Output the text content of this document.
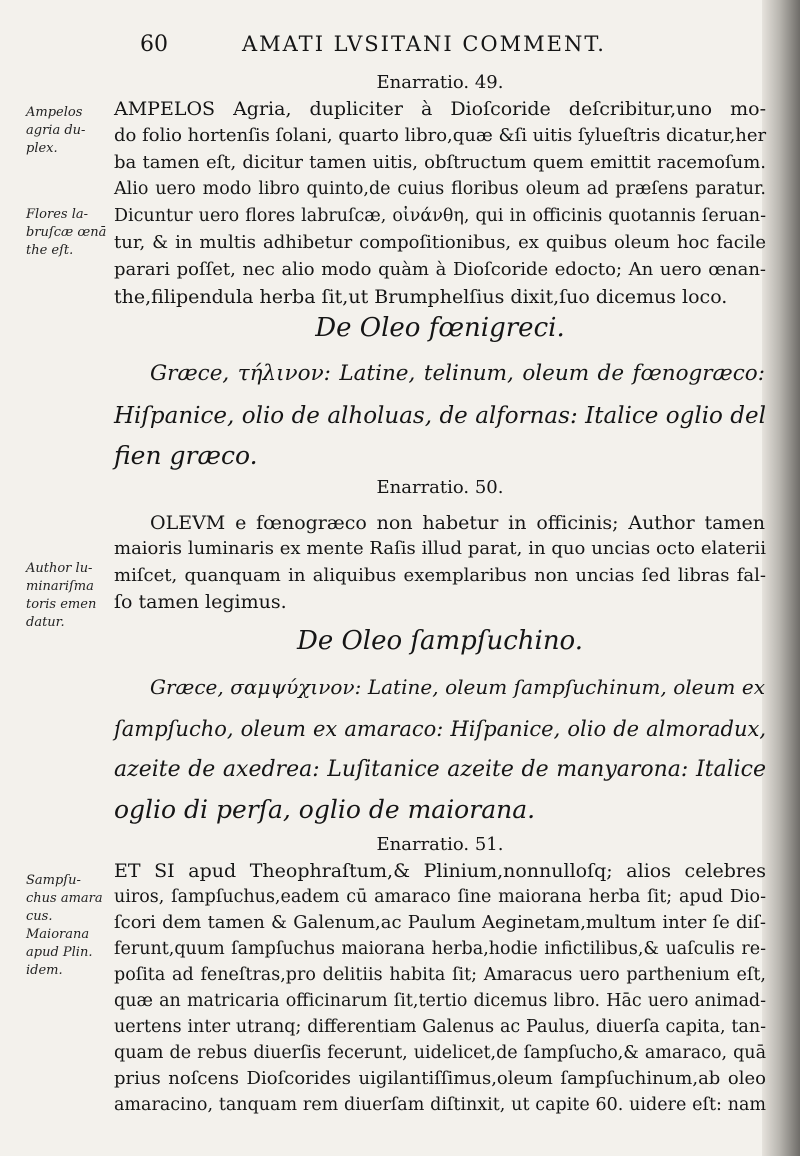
60	AMATI LVSITANI COMMENT.
Ampelos
agria du-
plex.
Flores la-
bruſcæ œnā
the eſt.
Author lu-
minariſma
toris emen
datur.
Sampſu-
chus amara
cus.
Maiorana
apud Plin.
idem.
Enarratio. 49.
AMPELOS Agria, dupliciter à Dioſcoride deſcribitur,uno mo-
do folio hortenſis ſolani, quarto libro,quæ &ſi uitis ſylueſtris dicatur,her
ba tamen eſt, dicitur tamen uitis, obſtructum quem emittit racemoſum.
Alio uero modo libro quinto,de cuius floribus oleum ad præſens paratur.
Dicuntur uero flores labruſcæ, οἰνάνθη, qui in officinis quotannis ſeruan-
tur, & in multis adhibetur compoſitionibus, ex quibus oleum hoc facile
parari poſſet, nec alio modo quàm à Dioſcoride edocto; An uero œnan-
the,filipendula herba ſit,ut Brumphelſius dixit,ſuo dicemus loco.
De Oleo fœnigreci.
Græce, τήλινον: Latine, telinum, oleum de fœnogræco:
Hiſpanice, olio de alholuas, de alfornas: Italice oglio del
fien græco.
Enarratio. 50.
OLEVM e fœnogræco non habetur in officinis; Author tamen
maioris luminaris ex mente Raſis illud parat, in quo uncias octo elaterii
miſcet, quanquam in aliquibus exemplaribus non uncias ſed libras fal-
ſo tamen legimus.
De Oleo ſampſuchino.
Græce, σαμψύχινον: Latine, oleum ſampſuchinum, oleum ex
ſampſucho, oleum ex amaraco: Hiſpanice, olio de almoradux,
azeite de axedrea: Luſitanice azeite de manyarona: Italice
oglio di perſa, oglio de maiorana.
Enarratio. 51.
ET SI apud Theophraſtum,& Plinium,nonnulloſq; alios celebres
uiros, ſampſuchus,eadem cū amaraco ſine maiorana herba ſit; apud Dio-
ſcori dem tamen & Galenum,ac Paulum Aeginetam,multum inter ſe diſ-
ferunt,quum ſampſuchus maiorana herba,hodie infictilibus,& uaſculis re-
poſita ad feneſtras,pro delitiis habita ſit; Amaracus uero parthenium eſt,
quæ an matricaria officinarum ſit,tertio dicemus libro. Hāc uero animad-
uertens inter utranq; differentiam Galenus ac Paulus, diuerſa capita, tan-
quam de rebus diuerſis fecerunt, uidelicet,de ſampſucho,& amaraco, quā
prius noſcens Dioſcorides uigilantiſſimus,oleum ſampſuchinum,ab oleo
amaracino, tanquam rem diuerſam diſtinxit, ut capite 60. uidere eſt: nam
